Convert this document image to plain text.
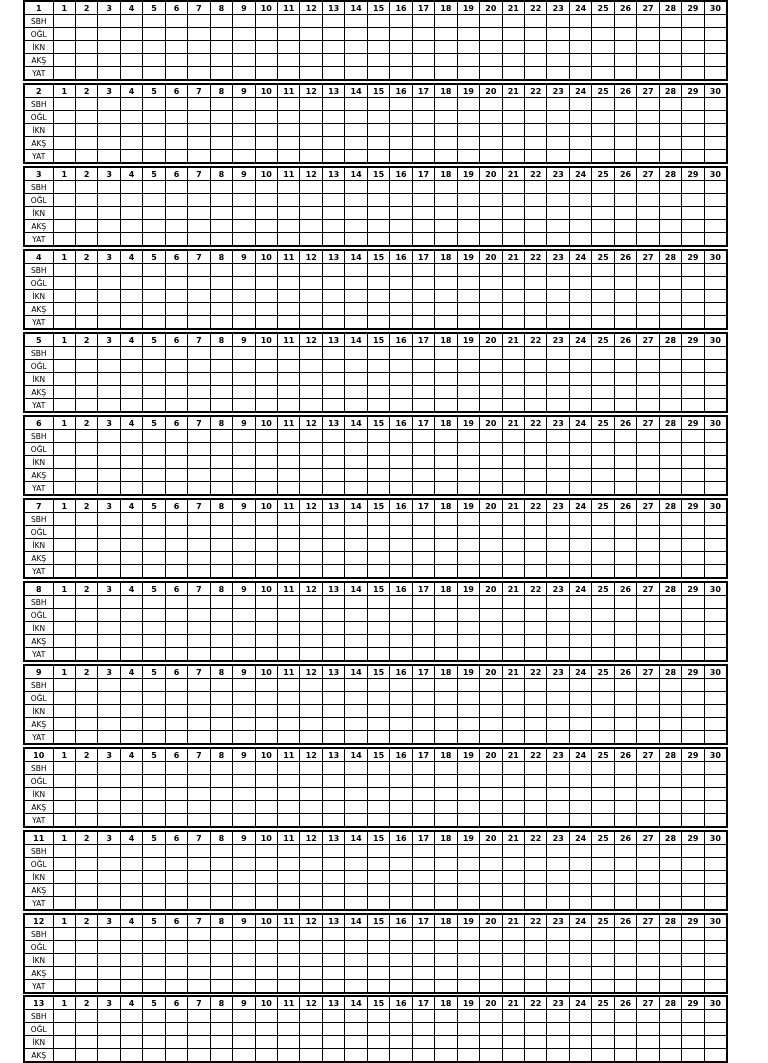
1	1	2	3	4	5	6	7	8	9	10	11	12	13	14	15	16	17	18	19	20	21	22	23	24	25	26	27	28	29	30
SBH																														
OĞL																														
İKN																														
AKŞ																														
YAT																														
2	1	2	3	4	5	6	7	8	9	10	11	12	13	14	15	16	17	18	19	20	21	22	23	24	25	26	27	28	29	30
SBH																														
OĞL																														
İKN																														
AKŞ																														
YAT																														
3	1	2	3	4	5	6	7	8	9	10	11	12	13	14	15	16	17	18	19	20	21	22	23	24	25	26	27	28	29	30
SBH																														
OĞL																														
İKN																														
AKŞ																														
YAT																														
4	1	2	3	4	5	6	7	8	9	10	11	12	13	14	15	16	17	18	19	20	21	22	23	24	25	26	27	28	29	30
SBH																														
OĞL																														
İKN																														
AKŞ																														
YAT																														
5	1	2	3	4	5	6	7	8	9	10	11	12	13	14	15	16	17	18	19	20	21	22	23	24	25	26	27	28	29	30
SBH																														
OĞL																														
İKN																														
AKŞ																														
YAT																														
6	1	2	3	4	5	6	7	8	9	10	11	12	13	14	15	16	17	18	19	20	21	22	23	24	25	26	27	28	29	30
SBH																														
OĞL																														
İKN																														
AKŞ																														
YAT																														
7	1	2	3	4	5	6	7	8	9	10	11	12	13	14	15	16	17	18	19	20	21	22	23	24	25	26	27	28	29	30
SBH																														
OĞL																														
İKN																														
AKŞ																														
YAT																														
8	1	2	3	4	5	6	7	8	9	10	11	12	13	14	15	16	17	18	19	20	21	22	23	24	25	26	27	28	29	30
SBH																														
OĞL																														
İKN																														
AKŞ																														
YAT																														
9	1	2	3	4	5	6	7	8	9	10	11	12	13	14	15	16	17	18	19	20	21	22	23	24	25	26	27	28	29	30
SBH																														
OĞL																														
İKN																														
AKŞ																														
YAT																														
10	1	2	3	4	5	6	7	8	9	10	11	12	13	14	15	16	17	18	19	20	21	22	23	24	25	26	27	28	29	30
SBH																														
OĞL																														
İKN																														
AKŞ																														
YAT																														
11	1	2	3	4	5	6	7	8	9	10	11	12	13	14	15	16	17	18	19	20	21	22	23	24	25	26	27	28	29	30
SBH																														
OĞL																														
İKN																														
AKŞ																														
YAT																														
12	1	2	3	4	5	6	7	8	9	10	11	12	13	14	15	16	17	18	19	20	21	22	23	24	25	26	27	28	29	30
SBH																														
OĞL																														
İKN																														
AKŞ																														
YAT																														
13	1	2	3	4	5	6	7	8	9	10	11	12	13	14	15	16	17	18	19	20	21	22	23	24	25	26	27	28	29	30
SBH																														
OĞL																														
İKN																														
AKŞ																														
